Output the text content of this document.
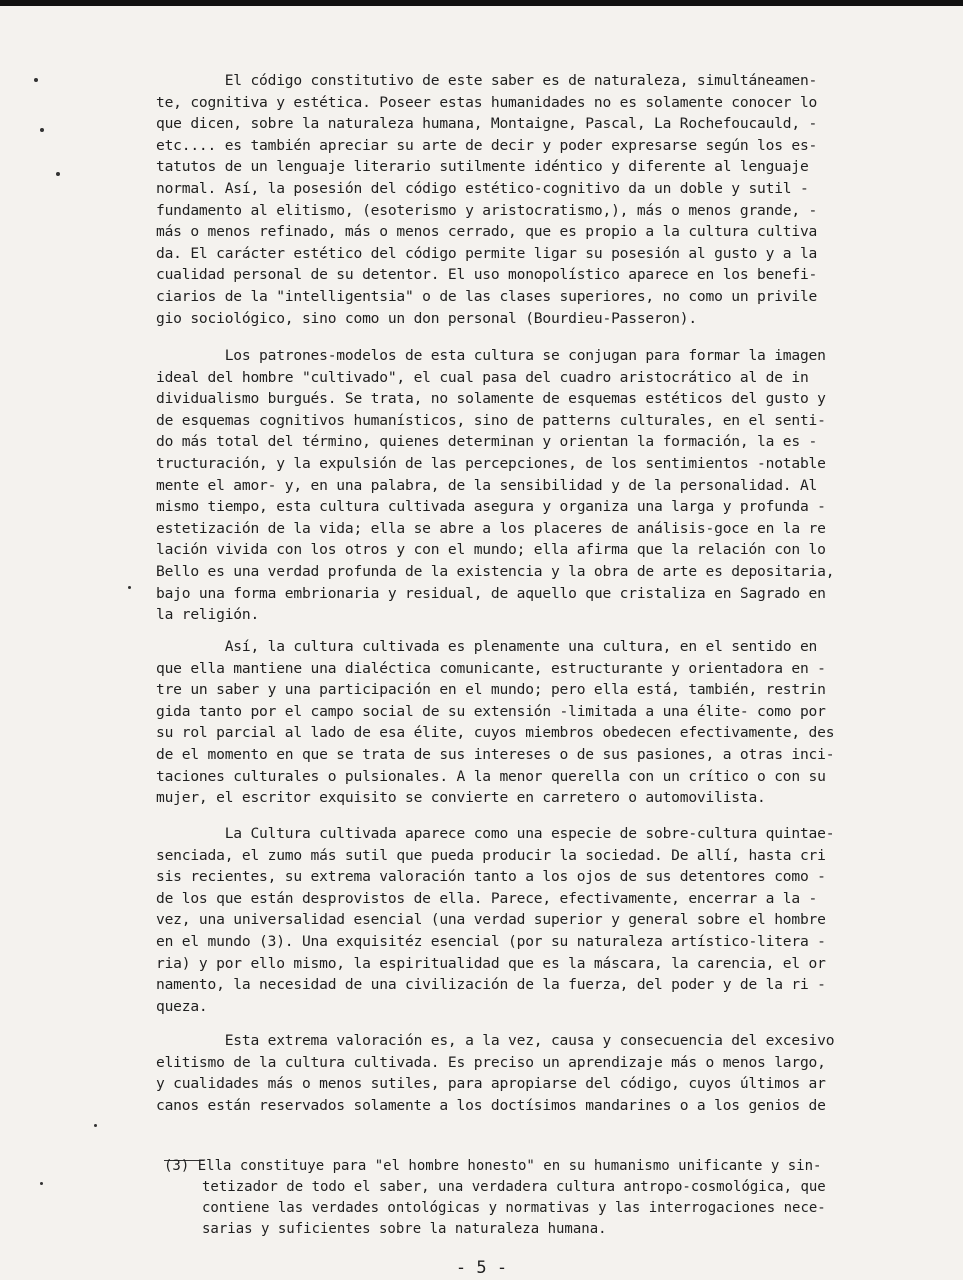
El código constitutivo de este saber es de naturaleza, simultáneamen-
te, cognitiva y estética. Poseer estas humanidades no es solamente conocer lo
que dicen, sobre la naturaleza humana, Montaigne, Pascal, La Rochefoucauld, -
etc.... es también apreciar su arte de decir y poder expresarse según los es-
tatutos de un lenguaje literario sutilmente idéntico y diferente al lenguaje
normal. Así, la posesión del código estético-cognitivo da un doble y sutil -
fundamento al elitismo, (esoterismo y aristocratismo,), más o menos grande, -
más o menos refinado, más o menos cerrado, que es propio a la cultura cultiva
da. El carácter estético del código permite ligar su posesión al gusto y a la
cualidad personal de su detentor. El uso monopolístico aparece en los benefi-
ciarios de la "intelligentsia" o de las clases superiores, no como un privile
gio sociológico, sino como un don personal (Bourdieu-Passeron).

Los patrones-modelos de esta cultura se conjugan para formar la imagen
ideal del hombre "cultivado", el cual pasa del cuadro aristocrático al de in
dividualismo burgués. Se trata, no solamente de esquemas estéticos del gusto y
de esquemas cognitivos humanísticos, sino de patterns culturales, en el senti-
do más total del término, quienes determinan y orientan la formación, la es -
tructuración, y la expulsión de las percepciones, de los sentimientos -notable
mente el amor- y, en una palabra, de la sensibilidad y de la personalidad. Al
mismo tiempo, esta cultura cultivada asegura y organiza una larga y profunda -
estetización de la vida; ella se abre a los placeres de análisis-goce en la re
lación vivida con los otros y con el mundo; ella afirma que la relación con lo
Bello es una verdad profunda de la existencia y la obra de arte es depositaria,
bajo una forma embrionaria y residual, de aquello que cristaliza en Sagrado en
la religión.

Así, la cultura cultivada es plenamente una cultura, en el sentido en
que ella mantiene una dialéctica comunicante, estructurante y orientadora en -
tre un saber y una participación en el mundo; pero ella está, también, restrin
gida tanto por el campo social de su extensión -limitada a una élite- como por
su rol parcial al lado de esa élite, cuyos miembros obedecen efectivamente, des
de el momento en que se trata de sus intereses o de sus pasiones, a otras inci-
taciones culturales o pulsionales. A la menor querella con un crítico o con su
mujer, el escritor exquisito se convierte en carretero o automovilista.

La Cultura cultivada aparece como una especie de sobre-cultura quintae-
senciada, el zumo más sutil que pueda producir la sociedad. De allí, hasta cri
sis recientes, su extrema valoración tanto a los ojos de sus detentores como -
de los que están desprovistos de ella. Parece, efectivamente, encerrar a la -
vez, una universalidad esencial (una verdad superior y general sobre el hombre
en el mundo (3). Una exquisitéz esencial (por su naturaleza artístico-litera -
ria) y por ello mismo, la espiritualidad que es la máscara, la carencia, el or
namento, la necesidad de una civilización de la fuerza, del poder y de la ri -
queza.

Esta extrema valoración es, a la vez, causa y consecuencia del excesivo
elitismo de la cultura cultivada. Es preciso un aprendizaje más o menos largo,
y cualidades más o menos sutiles, para apropiarse del código, cuyos últimos ar
canos están reservados solamente a los doctísimos mandarines o a los genios de

(3) Ella constituye para "el hombre honesto" en su humanismo unificante y sin-
tetizador de todo el saber, una verdadera cultura antropo-cosmológica, que
contiene las verdades ontológicas y normativas y las interrogaciones nece-
sarias y suficientes sobre la naturaleza humana.
- 5 -
